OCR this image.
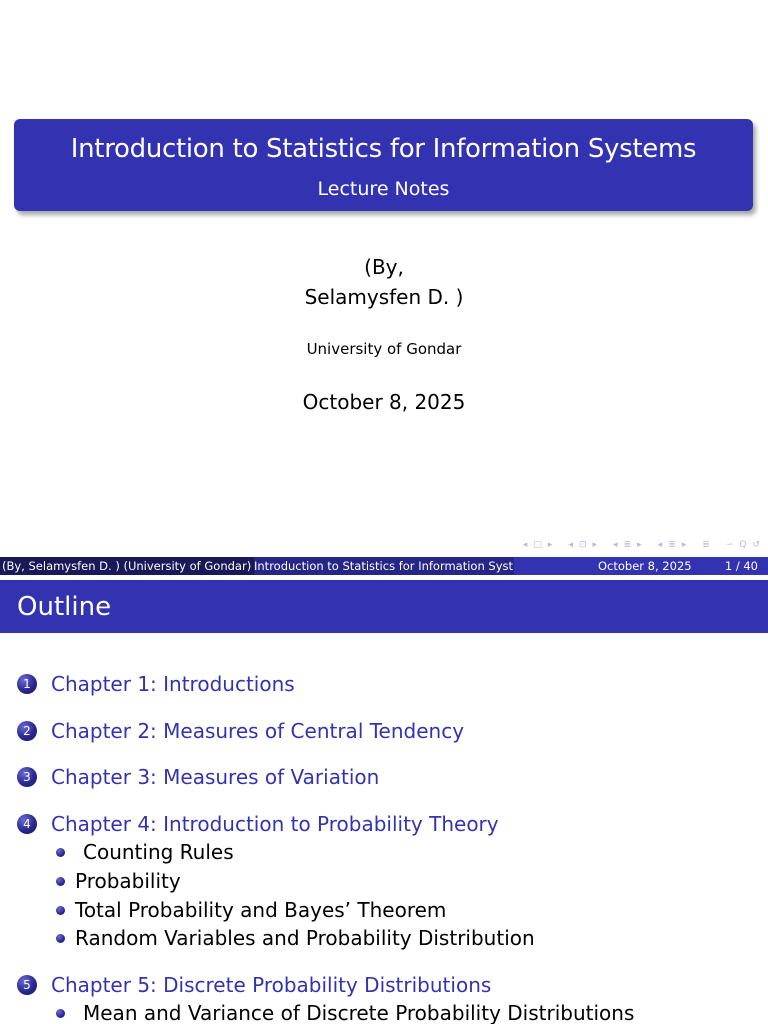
Introduction to Statistics for Information Systems
Lecture Notes
(By,
Selamysfen D. )
University of Gondar
October 8, 2025
◂ □ ▸ ◂ ⊡ ▸ ◂ ≣ ▸ ◂ ≣ ▸ ≣ ∽ Q ↺
(By, Selamysfen D. ) (University of Gondar) Introduction to Statistics for Information Syst	October 8, 2025	1 / 40
Outline
1	Chapter 1: Introductions
2	Chapter 2: Measures of Central Tendency
3	Chapter 3: Measures of Variation
4	Chapter 4: Introduction to Probability Theory
Counting Rules
Probability
Total Probability and Bayes’ Theorem
Random Variables and Probability Distribution
5	Chapter 5: Discrete Probability Distributions
Mean and Variance of Discrete Probability Distributions
